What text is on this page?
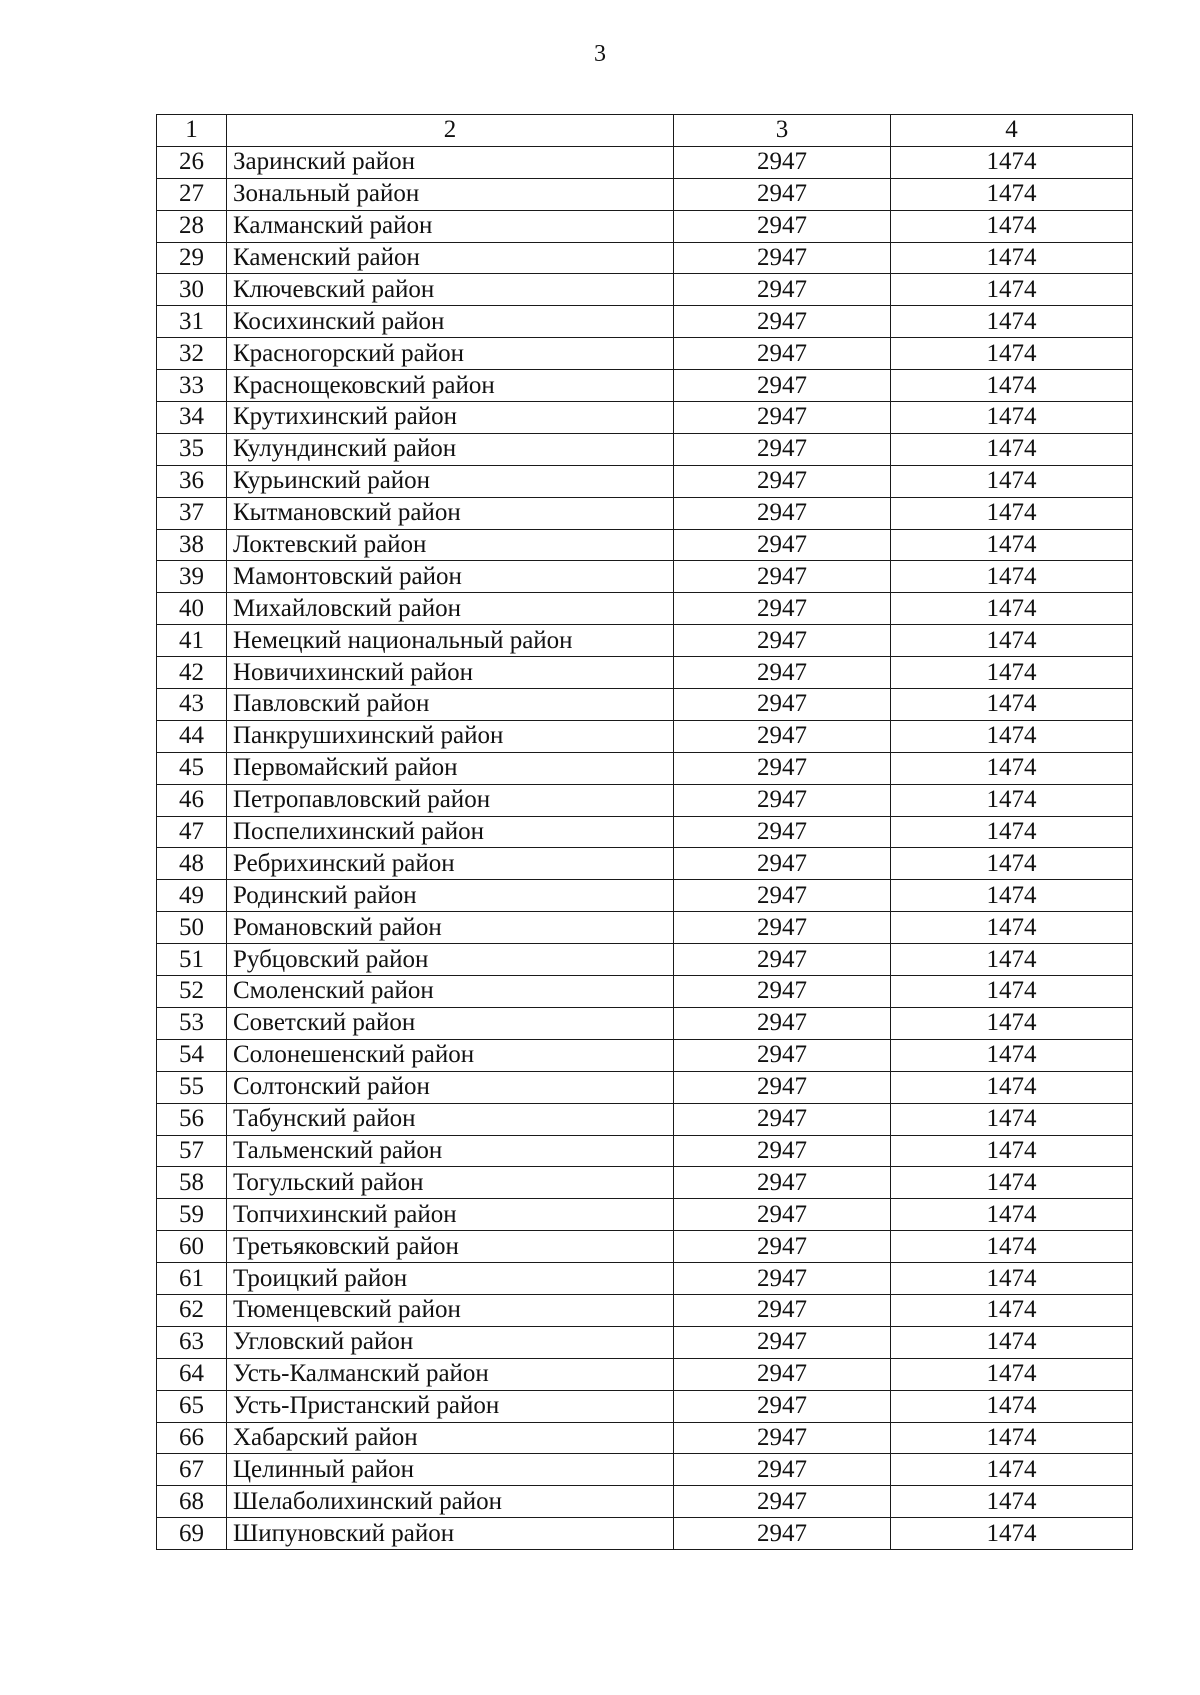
3
1	2	3	4
26	Заринский район	2947	1474
27	Зональный район	2947	1474
28	Калманский район	2947	1474
29	Каменский район	2947	1474
30	Ключевский район	2947	1474
31	Косихинский район	2947	1474
32	Красногорский район	2947	1474
33	Краснощековский район	2947	1474
34	Крутихинский район	2947	1474
35	Кулундинский район	2947	1474
36	Курьинский район	2947	1474
37	Кытмановский район	2947	1474
38	Локтевский район	2947	1474
39	Мамонтовский район	2947	1474
40	Михайловский район	2947	1474
41	Немецкий национальный район	2947	1474
42	Новичихинский район	2947	1474
43	Павловский район	2947	1474
44	Панкрушихинский район	2947	1474
45	Первомайский район	2947	1474
46	Петропавловский район	2947	1474
47	Поспелихинский район	2947	1474
48	Ребрихинский район	2947	1474
49	Родинский район	2947	1474
50	Романовский район	2947	1474
51	Рубцовский район	2947	1474
52	Смоленский район	2947	1474
53	Советский район	2947	1474
54	Солонешенский район	2947	1474
55	Солтонский район	2947	1474
56	Табунский район	2947	1474
57	Тальменский район	2947	1474
58	Тогульский район	2947	1474
59	Топчихинский район	2947	1474
60	Третьяковский район	2947	1474
61	Троицкий район	2947	1474
62	Тюменцевский район	2947	1474
63	Угловский район	2947	1474
64	Усть-Калманский район	2947	1474
65	Усть-Пристанский район	2947	1474
66	Хабарский район	2947	1474
67	Целинный район	2947	1474
68	Шелаболихинский район	2947	1474
69	Шипуновский район	2947	1474
